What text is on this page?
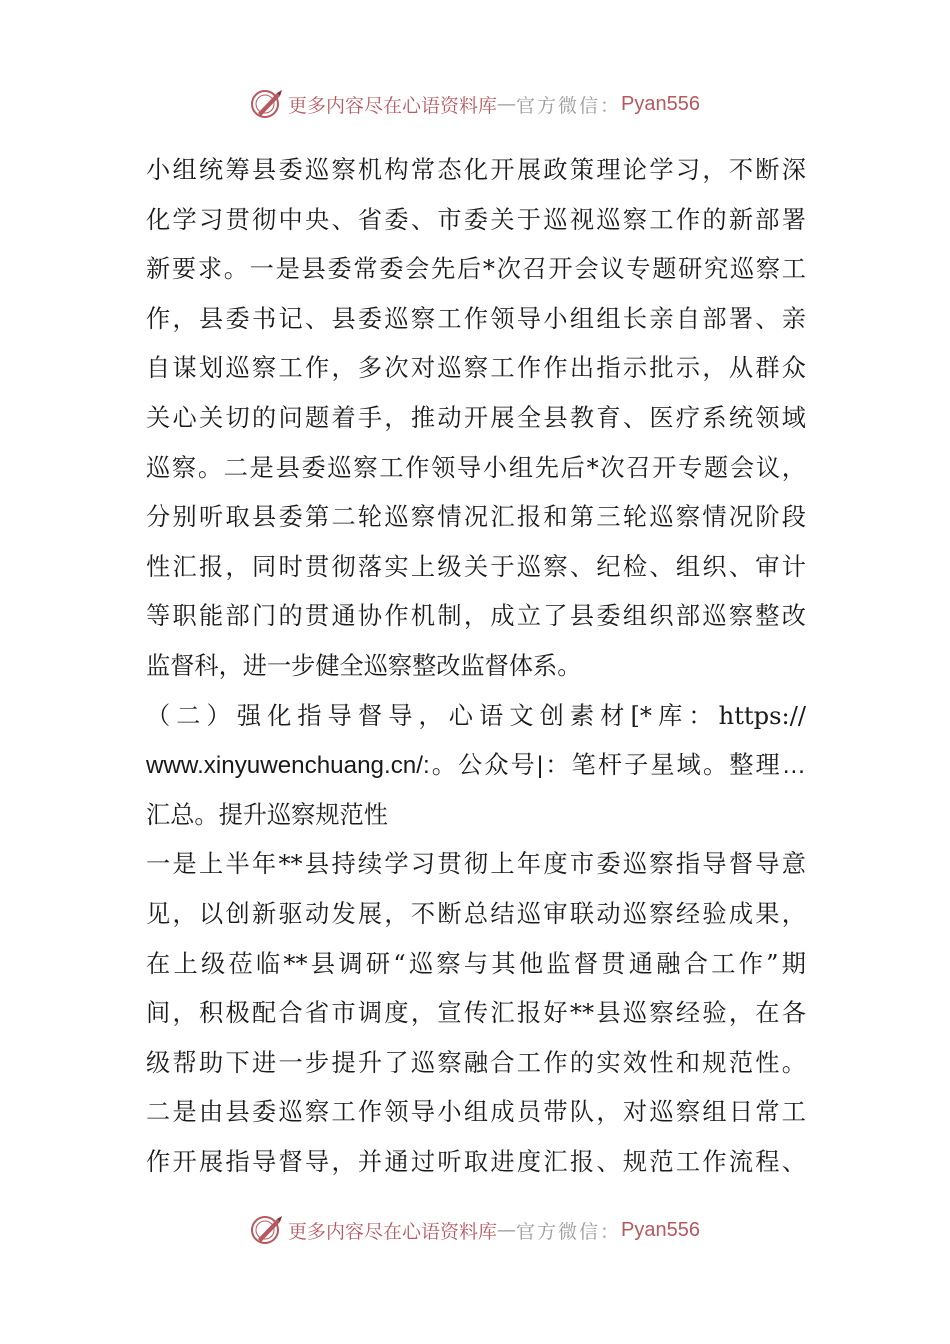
更多内容尽在心语资料库 — 官方微信： Pyan556
小组统筹县委巡察机构常态化开展政策理论学习，不断深
化学习贯彻中央、省委、市委关于巡视巡察工作的新部署
新要求。一是县委常委会先后*次召开会议专题研究巡察工
作，县委书记、县委巡察工作领导小组组长亲自部署、亲
自谋划巡察工作，多次对巡察工作作出指示批示，从群众
关心关切的问题着手，推动开展全县教育、医疗系统领域
巡察。二是县委巡察工作领导小组先后*次召开专题会议，
分别听取县委第二轮巡察情况汇报和第三轮巡察情况阶段
性汇报，同时贯彻落实上级关于巡察、纪检、组织、审计
等职能部门的贯通协作机制，成立了县委组织部巡察整改
监督科，进一步健全巡察整改监督体系。
（二）强化指导督导，心语文创素材[*库：https://
www.xinyuwenchuang.cn/:。公众号|：笔杆子星域。整理…
汇总。提升巡察规范性
一是上半年**县持续学习贯彻上年度市委巡察指导督导意
见，以创新驱动发展，不断总结巡审联动巡察经验成果，
在上级莅临**县调研“巡察与其他监督贯通融合工作”期
间，积极配合省市调度，宣传汇报好**县巡察经验，在各
级帮助下进一步提升了巡察融合工作的实效性和规范性。
二是由县委巡察工作领导小组成员带队，对巡察组日常工
作开展指导督导，并通过听取进度汇报、规范工作流程、
更多内容尽在心语资料库 — 官方微信： Pyan556
